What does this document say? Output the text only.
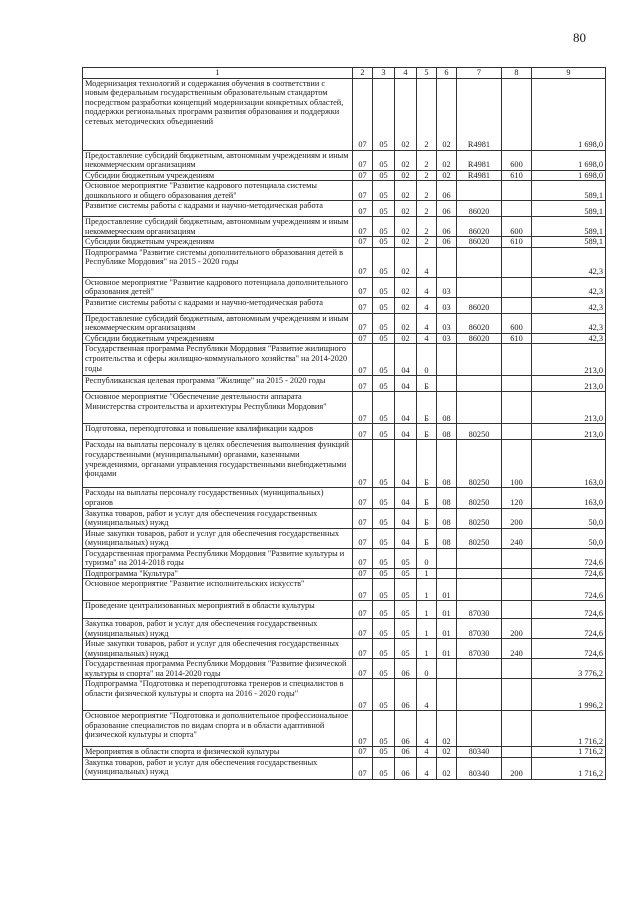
80
1	2	3	4	5	6	7	8	9
Модернизация технологий и содержания обучения в соответствии с новым федеральным государственным образовательным стандартом посредством разработки концепций модернизации конкретных областей, поддержки региональных программ развития образования и поддержки сетевых методических объединений	07	05	02	2	02	R4981		1 698,0
Предоставление субсидий бюджетным, автономным учреждениям и иным некоммерческим организациям	07	05	02	2	02	R4981	600	1 698,0
Субсидии бюджетным учреждениям	07	05	02	2	02	R4981	610	1 698,0
Основное мероприятие "Развитие кадрового потенциала системы дошкольного и общего образования детей"	07	05	02	2	06			589,1
Развитие системы работы с кадрами и научно-методическая работа	07	05	02	2	06	86020		589,1
Предоставление субсидий бюджетным, автономным учреждениям и иным некоммерческим организациям	07	05	02	2	06	86020	600	589,1
Субсидии бюджетным учреждениям	07	05	02	2	06	86020	610	589,1
Подпрограмма "Развитие системы дополнительного образования детей в Республике Мордовия" на 2015 - 2020 годы	07	05	02	4				42,3
Основное мероприятие "Развитие кадрового потенциала дополнительного образования детей"	07	05	02	4	03			42,3
Развитие системы работы с кадрами и научно-методическая работа	07	05	02	4	03	86020		42,3
Предоставление субсидий бюджетным, автономным учреждениям и иным некоммерческим организациям	07	05	02	4	03	86020	600	42,3
Субсидии бюджетным учреждениям	07	05	02	4	03	86020	610	42,3
Государственная программа Республики Мордовия "Развитие жилищного строительства и сферы жилищно-коммунального хозяйства" на 2014-2020 годы	07	05	04	0				213,0
Республиканская целевая программа "Жилище" на 2015 - 2020 годы	07	05	04	Б				213,0
Основное мероприятие "Обеспечение деятельности аппарата Министерства строительства и архитектуры Республики Мордовия"	07	05	04	Б	08			213,0
Подготовка, переподготовка и повышение квалификации кадров	07	05	04	Б	08	80250		213,0
Расходы на выплаты персоналу в целях обеспечения выполнения функций государственными (муниципальными) органами, казенными учреждениями, органами управления государственными внебюджетными фондами	07	05	04	Б	08	80250	100	163,0
Расходы на выплаты персоналу государственных (муниципальных) органов	07	05	04	Б	08	80250	120	163,0
Закупка товаров, работ и услуг для обеспечения государственных (муниципальных) нужд	07	05	04	Б	08	80250	200	50,0
Иные закупки товаров, работ и услуг для обеспечения государственных (муниципальных) нужд	07	05	04	Б	08	80250	240	50,0
Государственная программа Республики Мордовия "Развитие культуры и туризма" на 2014-2018 годы	07	05	05	0				724,6
Подпрограмма "Культура"	07	05	05	1				724,6
Основное мероприятие "Развитие исполнительских искусств"	07	05	05	1	01			724,6
Проведение централизованных мероприятий в области культуры	07	05	05	1	01	87030		724,6
Закупка товаров, работ и услуг для обеспечения государственных (муниципальных) нужд	07	05	05	1	01	87030	200	724,6
Иные закупки товаров, работ и услуг для обеспечения государственных (муниципальных) нужд	07	05	05	1	01	87030	240	724,6
Государственная программа Республики Мордовия "Развитие физической культуры и спорта" на 2014-2020 годы	07	05	06	0				3 776,2
Подпрограмма "Подготовка и переподготовка тренеров и специалистов в области физической культуры и спорта на 2016 - 2020 годы"	07	05	06	4				1 996,2
Основное мероприятие "Подготовка и дополнительное профессиональное образование специалистов по видам спорта и в области адаптивной физической культуры и спорта"	07	05	06	4	02			1 716,2
Мероприятия в области спорта и физической культуры	07	05	06	4	02	80340		1 716,2
Закупка товаров, работ и услуг для обеспечения государственных (муниципальных) нужд	07	05	06	4	02	80340	200	1 716,2
